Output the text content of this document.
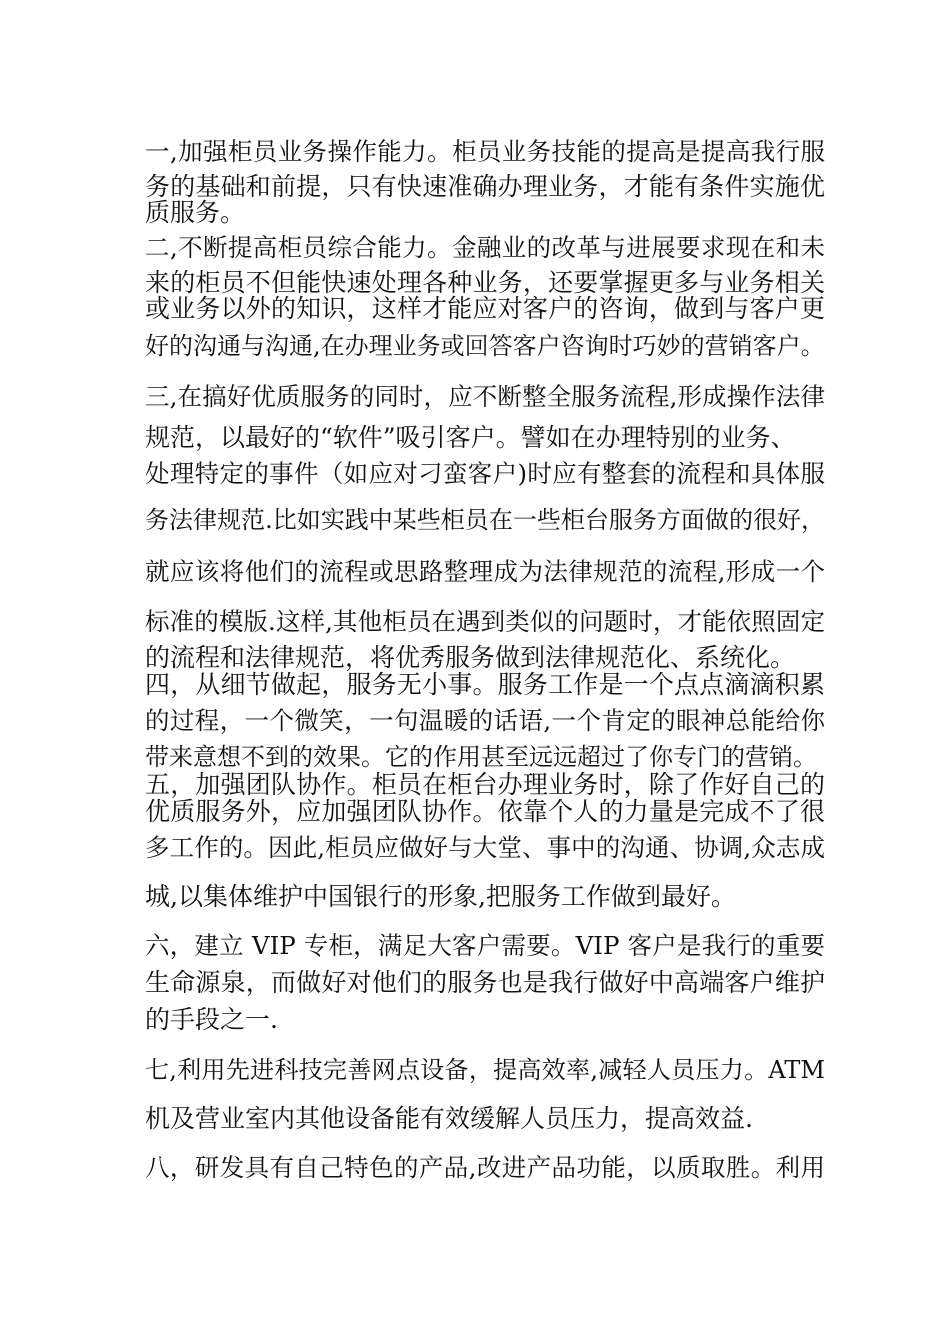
一,加强柜员业务操作能力。柜员业务技能的提高是提高我行服
务的基础和前提，只有快速准确办理业务，才能有条件实施优
质服务。
二,不断提高柜员综合能力。金融业的改革与进展要求现在和未
来的柜员不但能快速处理各种业务，还要掌握更多与业务相关
或业务以外的知识，这样才能应对客户的咨询，做到与客户更
好的沟通与沟通,在办理业务或回答客户咨询时巧妙的营销客户。
三,在搞好优质服务的同时，应不断整全服务流程,形成操作法律
规范，以最好的“软件”吸引客户。譬如在办理特别的业务、
处理特定的事件（如应对刁蛮客户)时应有整套的流程和具体服
务法律规范.比如实践中某些柜员在一些柜台服务方面做的很好，
就应该将他们的流程或思路整理成为法律规范的流程,形成一个
标准的模版.这样,其他柜员在遇到类似的问题时，才能依照固定
的流程和法律规范，将优秀服务做到法律规范化、系统化。
四，从细节做起，服务无小事。服务工作是一个点点滴滴积累
的过程，一个微笑，一句温暖的话语,一个肯定的眼神总能给你
带来意想不到的效果。它的作用甚至远远超过了你专门的营销。
五，加强团队协作。柜员在柜台办理业务时，除了作好自己的
优质服务外，应加强团队协作。依靠个人的力量是完成不了很
多工作的。因此,柜员应做好与大堂、事中的沟通、协调,众志成
城,以集体维护中国银行的形象,把服务工作做到最好。
六，建立 VIP 专柜，满足大客户需要。VIP 客户是我行的重要
生命源泉，而做好对他们的服务也是我行做好中高端客户维护
的手段之一.
七,利用先进科技完善网点设备，提高效率,减轻人员压力。ATM
机及营业室内其他设备能有效缓解人员压力，提高效益.
八，研发具有自己特色的产品,改进产品功能，以质取胜。利用
